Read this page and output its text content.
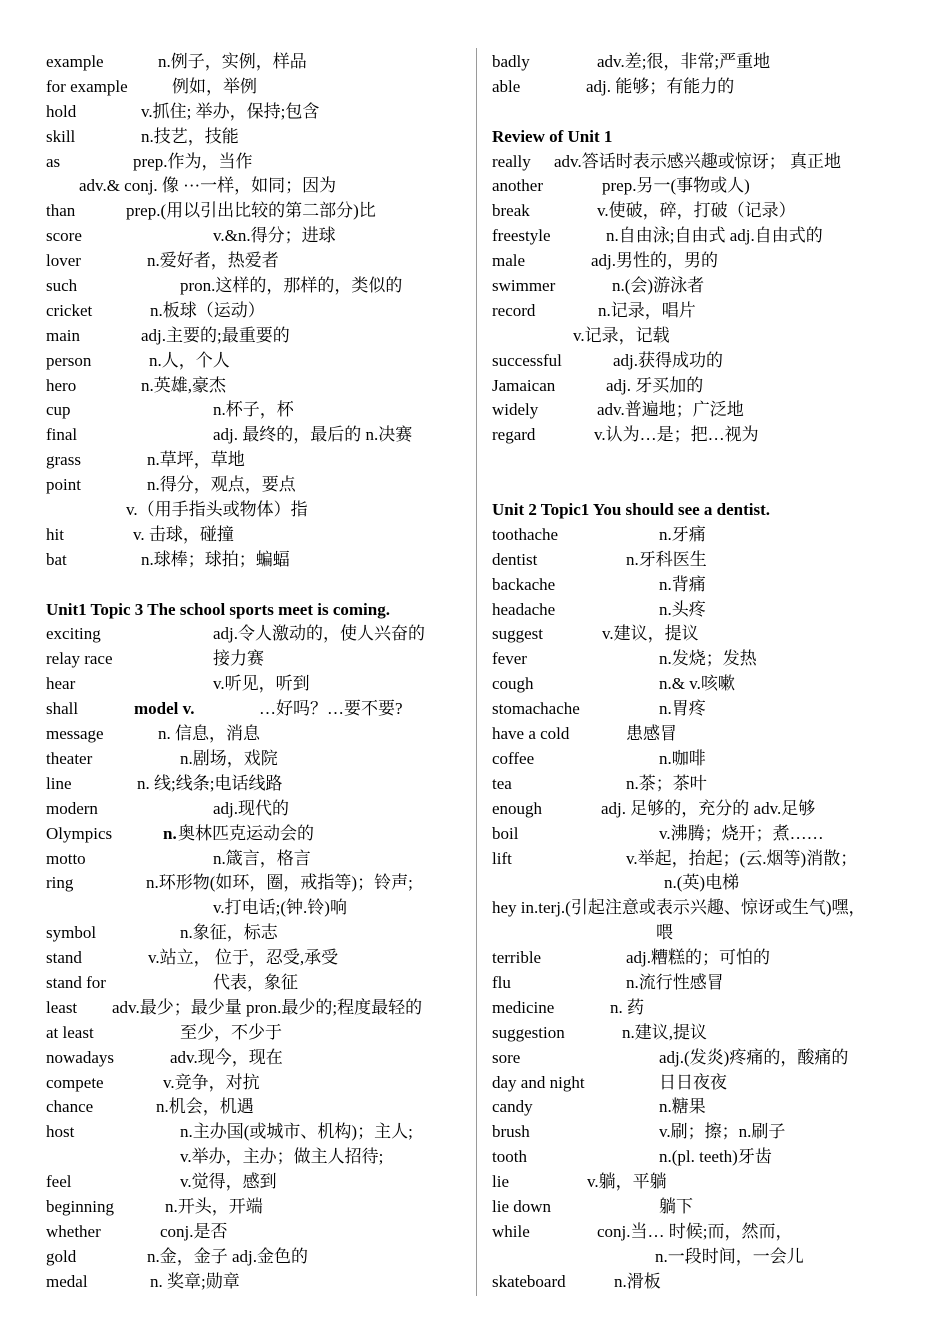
example	n.例子，实例，样品
for example	例如，举例
hold	v.抓住; 举办，保持;包含
skill	n.技艺，技能
as	prep.作为，当作
adv.& conj. 像 ···一样，如同；因为
than	prep.(用以引出比较的第二部分)比
score	v.&n.得分；进球
lover	n.爱好者，热爱者
such	pron.这样的，那样的，类似的
cricket	n.板球（运动）
main	adj.主要的;最重要的
person	n.人，个人
hero	n.英雄,豪杰
cup	n.杯子，杯
final	adj. 最终的，最后的 n.决赛
grass	n.草坪，草地
point	n.得分，观点，要点
v.（用手指头或物体）指
hit	v. 击球，碰撞
bat	n.球棒；球拍；蝙蝠
Unit1 Topic 3 The school sports meet is coming.
exciting	adj.令人激动的，使人兴奋的
relay race	接力赛
hear	v.听见，听到
shall	model v.	…好吗？…要不要?
message	n. 信息，消息
theater	n.剧场，戏院
line	n. 线;线条;电话线路
modern	adj.现代的
Olympics	n. 奥林匹克运动会的
motto	n.箴言，格言
ring	n.环形物(如环，圈，戒指等)；铃声;
v.打电话;(钟.铃)响
symbol	n.象征，标志
stand	v.站立， 位于，忍受,承受
stand for	代表，象征
least adv.最少；最少量 pron.最少的;程度最轻的
at least	至少，不少于
nowadays	adv.现今，现在
compete	v.竞争，对抗
chance	n.机会，机遇
host	n.主办国(或城市、机构)；主人;
v.举办，主办；做主人招待;
feel	v.觉得，感到
beginning	n.开头，开端
whether	conj.是否
gold	n.金，金子 adj.金色的
medal	n. 奖章;勋章
badly	adv.差;很，非常;严重地
able	adj. 能够；有能力的
Review of Unit 1
really adv.答话时表示感兴趣或惊讶； 真正地
another	prep.另一(事物或人)
break	v.使破，碎，打破（记录）
freestyle	n.自由泳;自由式 adj.自由式的
male	adj.男性的，男的
swimmer	n.(会)游泳者
record	n.记录，唱片
v.记录，记载
successful	adj.获得成功的
Jamaican	adj. 牙买加的
widely	adv.普遍地；广泛地
regard	v.认为…是；把…视为
Unit 2 Topic1 You should see a dentist.
toothache	n.牙痛
dentist	n.牙科医生
backache	n.背痛
headache	n.头疼
suggest	v.建议，提议
fever	n.发烧；发热
cough	n.& v.咳嗽
stomachache	n.胃疼
have a cold	患感冒
coffee	n.咖啡
tea	n.茶；茶叶
enough	adj. 足够的，充分的 adv.足够
boil	v.沸腾；烧开；煮……
lift	v.举起，抬起；(云.烟等)消散；
n.(英)电梯
hey in.terj.(引起注意或表示兴趣、惊讶或生气)嘿，
喂
terrible	adj.糟糕的；可怕的
flu	n.流行性感冒
medicine	n. 药
suggestion	n.建议,提议
sore	adj.(发炎)疼痛的，酸痛的
day and night	日日夜夜
candy	n.糖果
brush	v.刷；擦；n.刷子
tooth	n.(pl. teeth)牙齿
lie	v.躺，平躺
lie down	躺下
while	conj.当… 时候;而，然而，
n.一段时间，一会儿
skateboard	n.滑板
